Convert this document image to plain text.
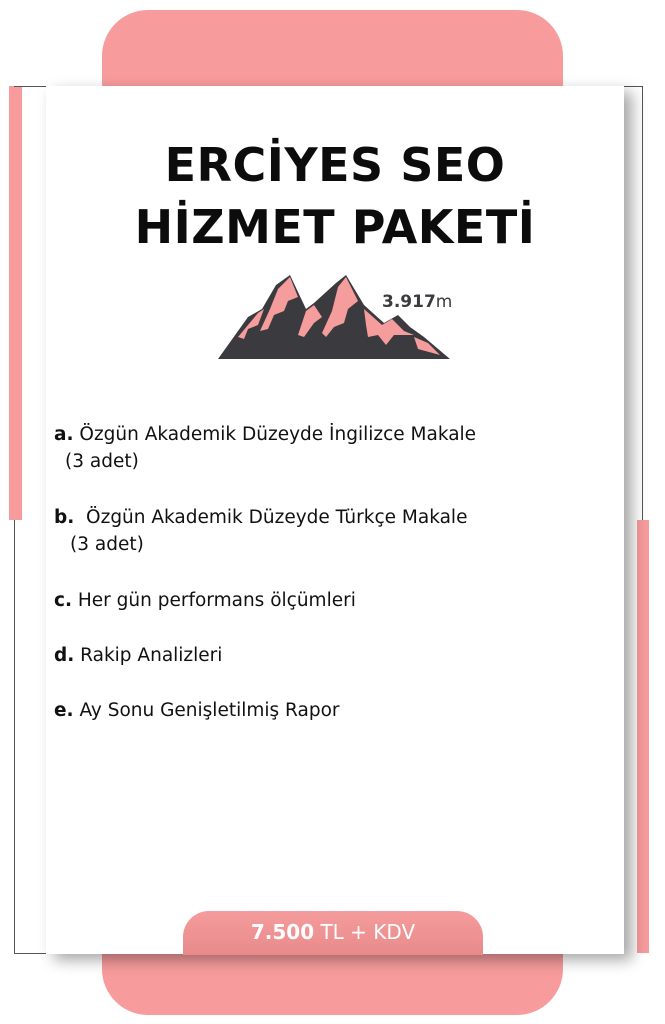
ERCİYES SEO
HİZMET PAKETİ
3.917m
a. Özgün Akademik Düzeyde İngilizce Makale
(3 adet)
b. Özgün Akademik Düzeyde Türkçe Makale
(3 adet)
c. Her gün performans ölçümleri
d. Rakip Analizleri
e. Ay Sonu Genişletilmiş Rapor
7.500 TL + KDV
